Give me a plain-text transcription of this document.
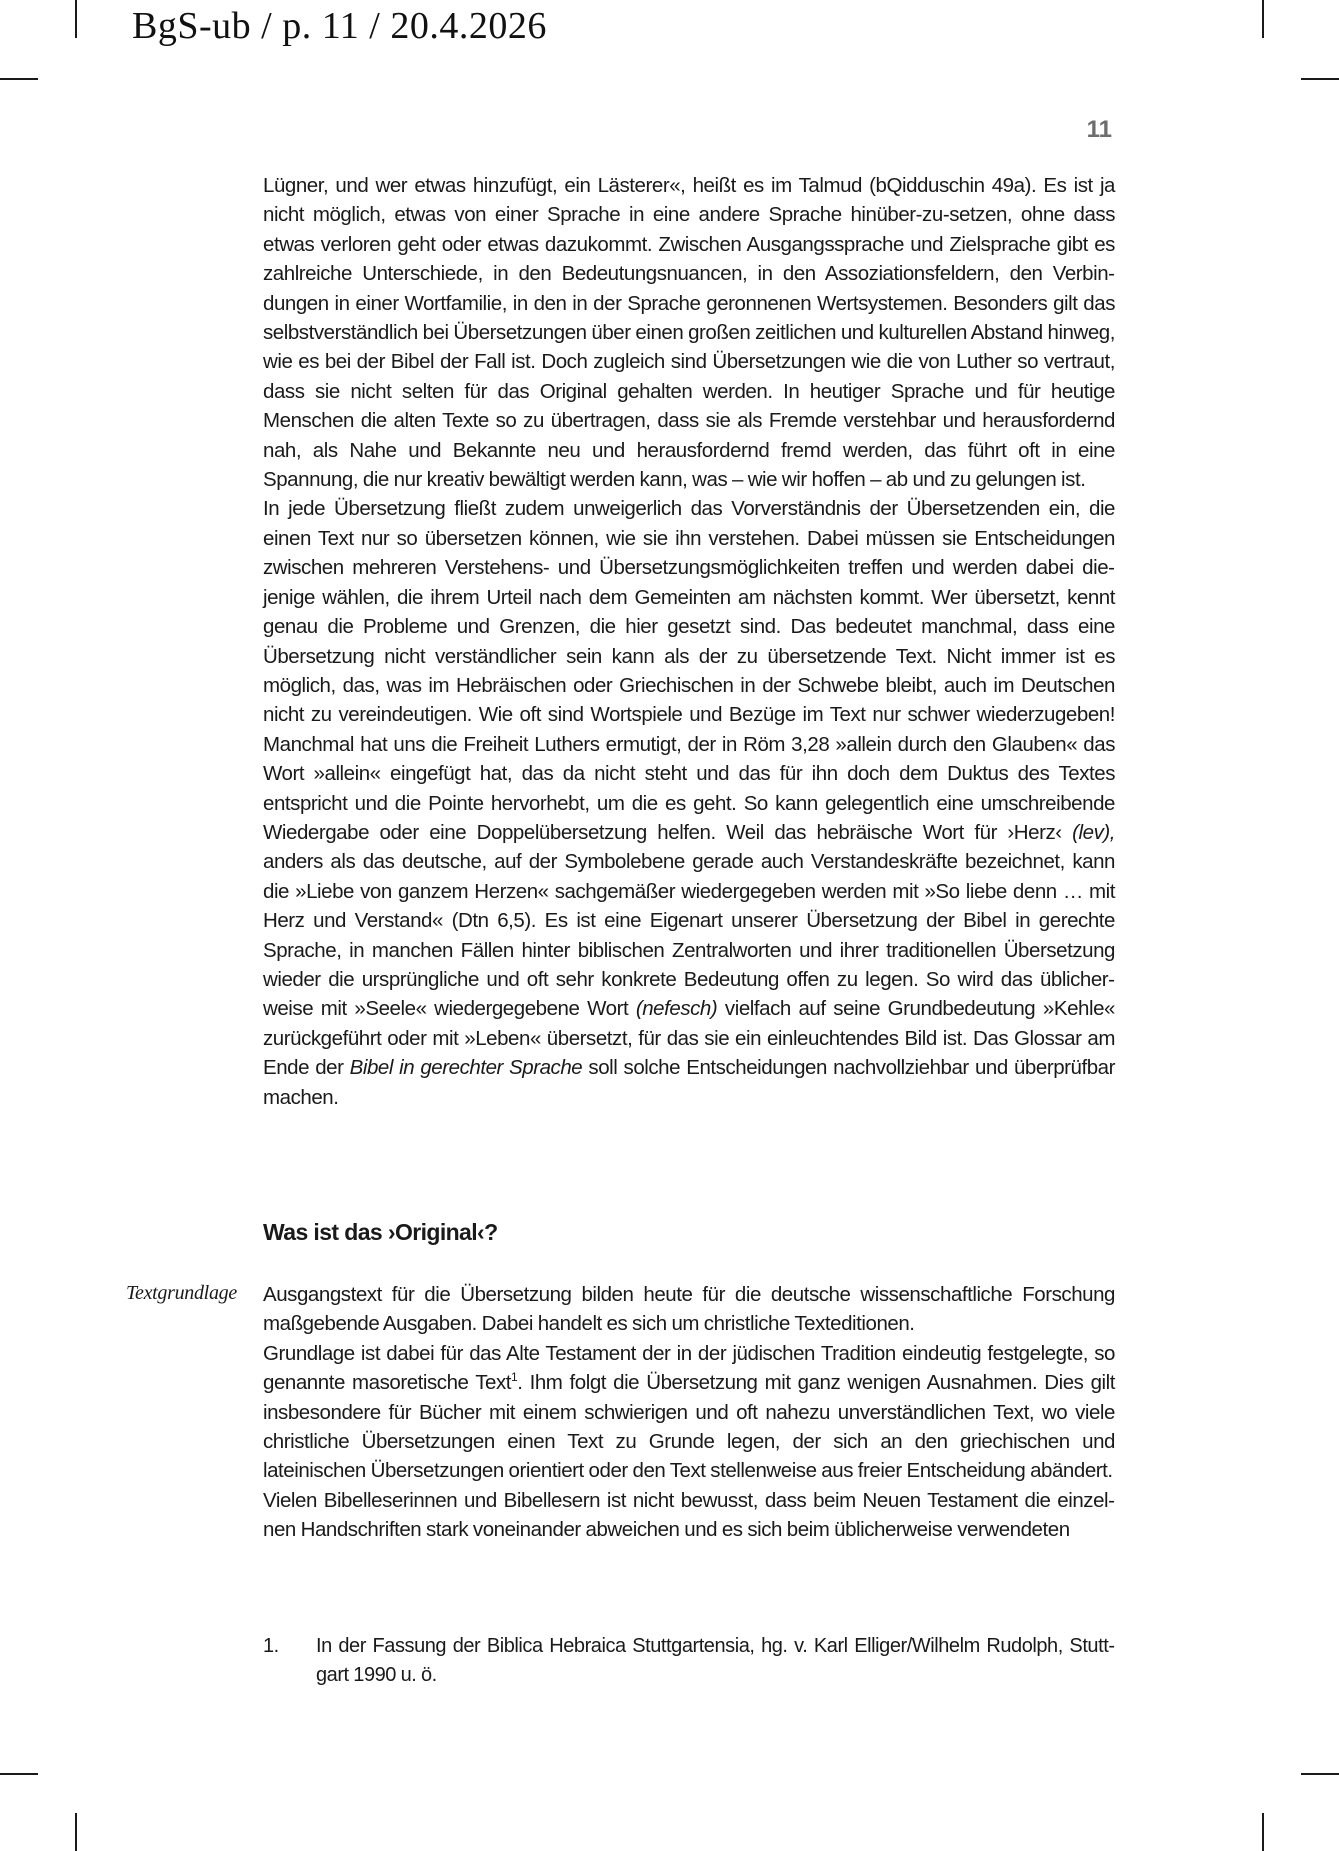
BgS-ub / p. 11 / 20.4.2026
11

Lügner, und wer etwas hinzufügt, ein Lästerer«, heißt es im Talmud (bQidduschin 49a). Es ist ja nicht möglich, etwas von einer Sprache in eine andere Sprache hinüber-zu-setzen, ohne dass etwas verloren geht oder etwas dazukommt. Zwischen Ausgangssprache und Zielsprache gibt es zahlreiche Unterschiede, in den Bedeutungsnuancen, in den Assoziationsfeldern, den Verbindungen in einer Wortfamilie, in den in der Sprache geronnenen Wertsystemen. Besonders gilt das selbstverständlich bei Übersetzungen über einen großen zeitlichen und kulturellen Abstand hinweg, wie es bei der Bibel der Fall ist. Doch zugleich sind Übersetzungen wie die von Luther so vertraut, dass sie nicht selten für das Original gehalten werden. In heutiger Sprache und für heutige Menschen die alten Texte so zu übertragen, dass sie als Fremde verstehbar und herausfordernd nah, als Nahe und Bekannte neu und herausfordernd fremd werden, das führt oft in eine Spannung, die nur kreativ bewältigt werden kann, was – wie wir hoffen – ab und zu gelungen ist.

In jede Übersetzung fließt zudem unweigerlich das Vorverständnis der Übersetzenden ein, die einen Text nur so übersetzen können, wie sie ihn verstehen. Dabei müssen sie Entscheidungen zwischen mehreren Verstehens- und Übersetzungsmöglichkeiten treffen und werden dabei diejenige wählen, die ihrem Urteil nach dem Gemeinten am nächsten kommt. Wer übersetzt, kennt genau die Probleme und Grenzen, die hier gesetzt sind. Das bedeutet manchmal, dass eine Übersetzung nicht verständlicher sein kann als der zu übersetzende Text. Nicht immer ist es möglich, das, was im Hebräischen oder Griechischen in der Schwebe bleibt, auch im Deutschen nicht zu vereindeutigen. Wie oft sind Wortspiele und Bezüge im Text nur schwer wiederzugeben! Manchmal hat uns die Freiheit Luthers ermutigt, der in Röm 3,28 »allein durch den Glauben« das Wort »allein« eingefügt hat, das da nicht steht und das für ihn doch dem Duktus des Textes entspricht und die Pointe hervorhebt, um die es geht. So kann gelegentlich eine umschreibende Wiedergabe oder eine Doppelübersetzung helfen. Weil das hebräische Wort für ›Herz‹ (lev), anders als das deutsche, auf der Symbolebene gerade auch Verstandeskräfte bezeichnet, kann die »Liebe von ganzem Herzen« sachgemäßer wiedergegeben werden mit »So liebe denn … mit Herz und Verstand« (Dtn 6,5). Es ist eine Eigenart unserer Übersetzung der Bibel in gerechte Sprache, in manchen Fällen hinter biblischen Zentralworten und ihrer traditionellen Übersetzung wieder die ursprüngliche und oft sehr konkrete Bedeutung offen zu legen. So wird das üblicherweise mit »Seele« wiedergegebene Wort (nefesch) vielfach auf seine Grundbedeutung »Kehle« zurückgeführt oder mit »Leben« übersetzt, für das sie ein einleuchtendes Bild ist. Das Glossar am Ende der Bibel in gerechter Sprache soll solche Entscheidungen nachvollziehbar und überprüfbar machen.

Was ist das ›Original‹?
Textgrundlage Ausgangstext für die Übersetzung bilden heute für die deutsche wissenschaftliche Forschung maßgebende Ausgaben. Dabei handelt es sich um christliche Texteditionen.

Grundlage ist dabei für das Alte Testament der in der jüdischen Tradition eindeutig festgelegte, so genannte masoretische Text$^1$. Ihm folgt die Übersetzung mit ganz wenigen Ausnahmen. Dies gilt insbesondere für Bücher mit einem schwierigen und oft nahezu unverständlichen Text, wo viele christliche Übersetzungen einen Text zu Grunde legen, der sich an den griechischen und lateinischen Übersetzungen orientiert oder den Text stellenweise aus freier Entscheidung abändert.

Vielen Bibelleserinnen und Bibellesern ist nicht bewusst, dass beim Neuen Testament die einzelnen Handschriften stark voneinander abweichen und es sich beim üblicherweise verwendeten

1. In der Fassung der Biblica Hebraica Stuttgartensia, hg. v. Karl Elliger/Wilhelm Rudolph, Stuttgart 1990 u. ö.
